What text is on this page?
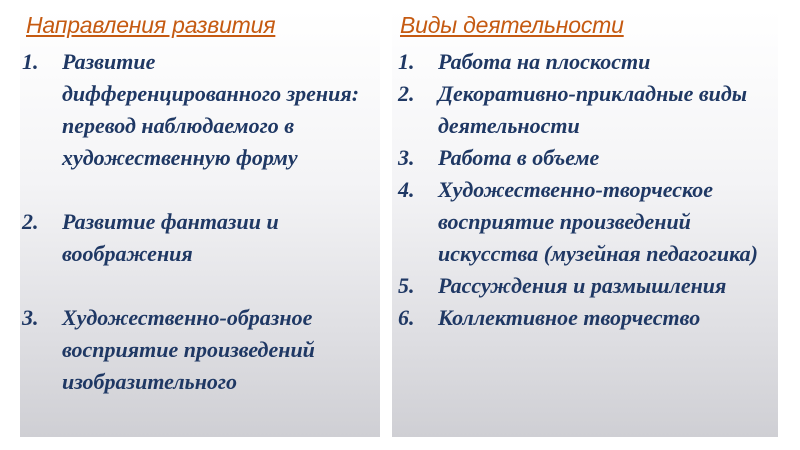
Направления развития
1.	Развитие дифференцированного зрения: перевод наблюдаемого в художественную форму
2.	Развитие фантазии и воображения
3.	Художественно-образное восприятие произведений изобразительного
Виды деятельности
1.	Работа на плоскости
2.	Декоративно-прикладные виды деятельности
3.	Работа в объеме
4.	Художественно-творческое восприятие произведений искусства (музейная педагогика)
5.	Рассуждения и размышления
6.	Коллективное творчество
